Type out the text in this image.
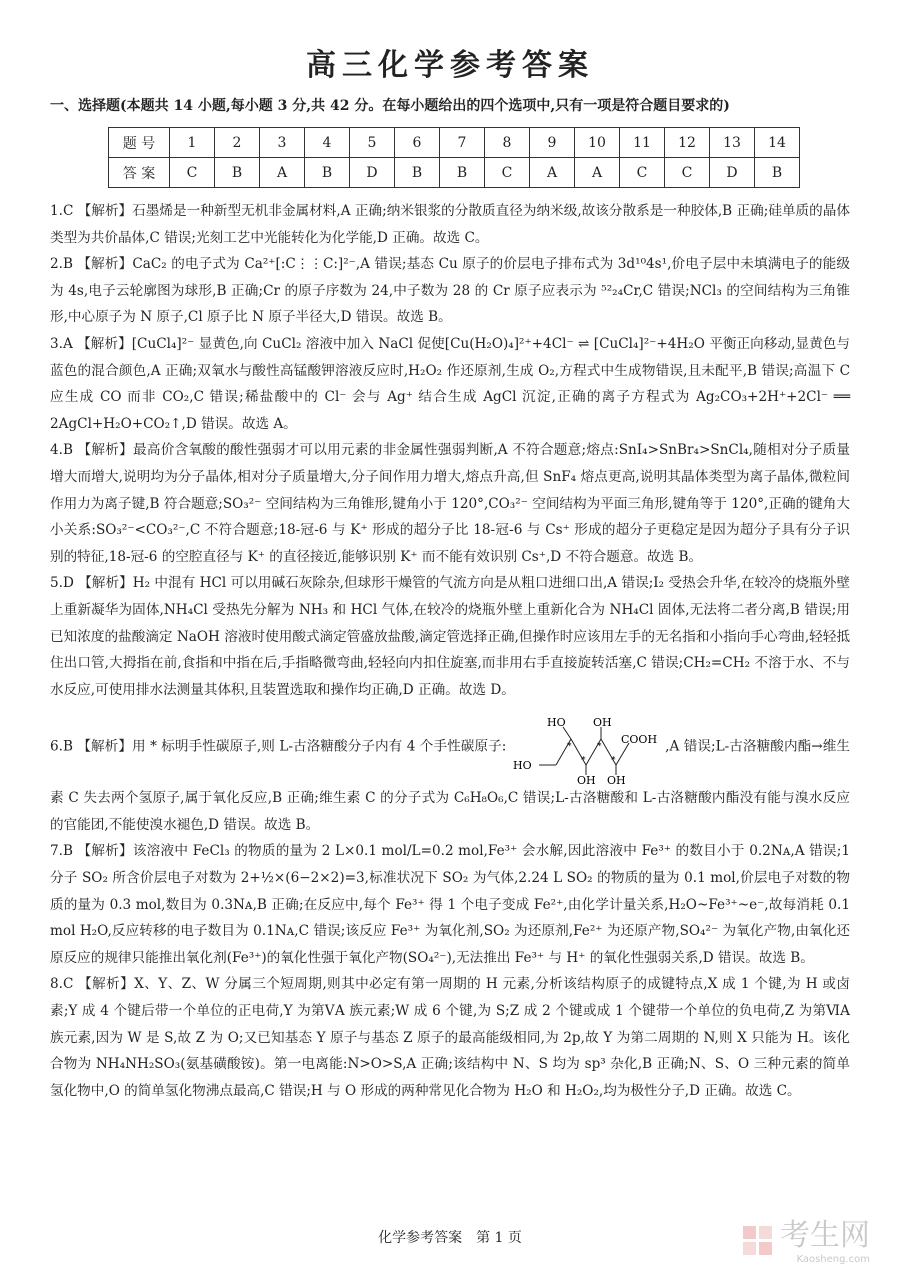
高三化学参考答案
一、选择题(本题共 14 小题,每小题 3 分,共 42 分。在每小题给出的四个选项中,只有一项是符合题目要求的)
题 号	1	2	3	4	5	6	7	8	9	10	11	12	13	14
答 案	C	B	A	B	D	B	B	C	A	A	C	C	D	B

1.C 【解析】石墨烯是一种新型无机非金属材料,A 正确;纳米银浆的分散质直径为纳米级,故该分散系是一种胶体,B 正确;硅单质的晶体类型为共价晶体,C 错误;光刻工艺中光能转化为化学能,D 正确。故选 C。

2.B 【解析】CaC₂ 的电子式为 Ca²⁺[:C⋮⋮C:]²⁻,A 错误;基态 Cu 原子的价层电子排布式为 3d¹⁰4s¹,价电子层中未填满电子的能级为 4s,电子云轮廓图为球形,B 正确;Cr 的原子序数为 24,中子数为 28 的 Cr 原子应表示为 ⁵²₂₄Cr,C 错误;NCl₃ 的空间结构为三角锥形,中心原子为 N 原子,Cl 原子比 N 原子半径大,D 错误。故选 B。

3.A 【解析】[CuCl₄]²⁻ 显黄色,向 CuCl₂ 溶液中加入 NaCl 促使[Cu(H₂O)₄]²⁺+4Cl⁻ ⇌ [CuCl₄]²⁻+4H₂O 平衡正向移动,显黄色与蓝色的混合颜色,A 正确;双氧水与酸性高锰酸钾溶液反应时,H₂O₂ 作还原剂,生成 O₂,方程式中生成物错误,且未配平,B 错误;高温下 C 应生成 CO 而非 CO₂,C 错误;稀盐酸中的 Cl⁻ 会与 Ag⁺ 结合生成 AgCl 沉淀,正确的离子方程式为 Ag₂CO₃+2H⁺+2Cl⁻ ══ 2AgCl+H₂O+CO₂↑,D 错误。故选 A。

4.B 【解析】最高价含氧酸的酸性强弱才可以用元素的非金属性强弱判断,A 不符合题意;熔点:SnI₄>SnBr₄>SnCl₄,随相对分子质量增大而增大,说明均为分子晶体,相对分子质量增大,分子间作用力增大,熔点升高,但 SnF₄ 熔点更高,说明其晶体类型为离子晶体,微粒间作用力为离子键,B 符合题意;SO₃²⁻ 空间结构为三角锥形,键角小于 120°,CO₃²⁻ 空间结构为平面三角形,键角等于 120°,正确的键角大小关系:SO₃²⁻<CO₃²⁻,C 不符合题意;18-冠-6 与 K⁺ 形成的超分子比 18-冠-6 与 Cs⁺ 形成的超分子更稳定是因为超分子具有分子识别的特征,18-冠-6 的空腔直径与 K⁺ 的直径接近,能够识别 K⁺ 而不能有效识别 Cs⁺,D 不符合题意。故选 B。

5.D 【解析】H₂ 中混有 HCl 可以用碱石灰除杂,但球形干燥管的气流方向是从粗口进细口出,A 错误;I₂ 受热会升华,在较冷的烧瓶外壁上重新凝华为固体,NH₄Cl 受热先分解为 NH₃ 和 HCl 气体,在较冷的烧瓶外壁上重新化合为 NH₄Cl 固体,无法将二者分离,B 错误;用已知浓度的盐酸滴定 NaOH 溶液时使用酸式滴定管盛放盐酸,滴定管选择正确,但操作时应该用左手的无名指和小指向手心弯曲,轻轻抵住出口管,大拇指在前,食指和中指在后,手指略微弯曲,轻轻向内扣住旋塞,而非用右手直接旋转活塞,C 错误;CH₂=CH₂ 不溶于水、不与水反应,可使用排水法测量其体积,且装置选取和操作均正确,D 正确。故选 D。

6.B 【解析】用 * 标明手性碳原子,则 L-古洛糖酸分子内有 4 个手性碳原子:
HO OH
COOH
HO
OH OH
*	*
*	*
,A 错误;L-古洛糖酸内酯→维生素 C 失去两个氢原子,属于氧化反应,B 正确;维生素 C 的分子式为 C₆H₈O₆,C 错误;L-古洛糖酸和 L-古洛糖酸内酯没有能与溴水反应的官能团,不能使溴水褪色,D 错误。故选 B。

7.B 【解析】该溶液中 FeCl₃ 的物质的量为 2 L×0.1 mol/L=0.2 mol,Fe³⁺ 会水解,因此溶液中 Fe³⁺ 的数目小于 0.2Nᴀ,A 错误;1 分子 SO₂ 所含价层电子对数为 2+½×(6−2×2)=3,标准状况下 SO₂ 为气体,2.24 L SO₂ 的物质的量为 0.1 mol,价层电子对数的物质的量为 0.3 mol,数目为 0.3Nᴀ,B 正确;在反应中,每个 Fe³⁺ 得 1 个电子变成 Fe²⁺,由化学计量关系,H₂O~Fe³⁺~e⁻,故每消耗 0.1 mol H₂O,反应转移的电子数目为 0.1Nᴀ,C 错误;该反应 Fe³⁺ 为氧化剂,SO₂ 为还原剂,Fe²⁺ 为还原产物,SO₄²⁻ 为氧化产物,由氧化还原反应的规律只能推出氧化剂(Fe³⁺)的氧化性强于氧化产物(SO₄²⁻),无法推出 Fe³⁺ 与 H⁺ 的氧化性强弱关系,D 错误。故选 B。

8.C 【解析】X、Y、Z、W 分属三个短周期,则其中必定有第一周期的 H 元素,分析该结构原子的成键特点,X 成 1 个键,为 H 或卤素;Y 成 4 个键后带一个单位的正电荷,Y 为第ⅤA 族元素;W 成 6 个键,为 S;Z 成 2 个键或成 1 个键带一个单位的负电荷,Z 为第ⅥA 族元素,因为 W 是 S,故 Z 为 O;又已知基态 Y 原子与基态 Z 原子的最高能级相同,为 2p,故 Y 为第二周期的 N,则 X 只能为 H。该化合物为 NH₄NH₂SO₃(氨基磺酸铵)。第一电离能:N>O>S,A 正确;该结构中 N、S 均为 sp³ 杂化,B 正确;N、S、O 三种元素的简单氢化物中,O 的简单氢化物沸点最高,C 错误;H 与 O 形成的两种常见化合物为 H₂O 和 H₂O₂,均为极性分子,D 正确。故选 C。

化学参考答案　第 1 页	考生网
Kaosheng.com
